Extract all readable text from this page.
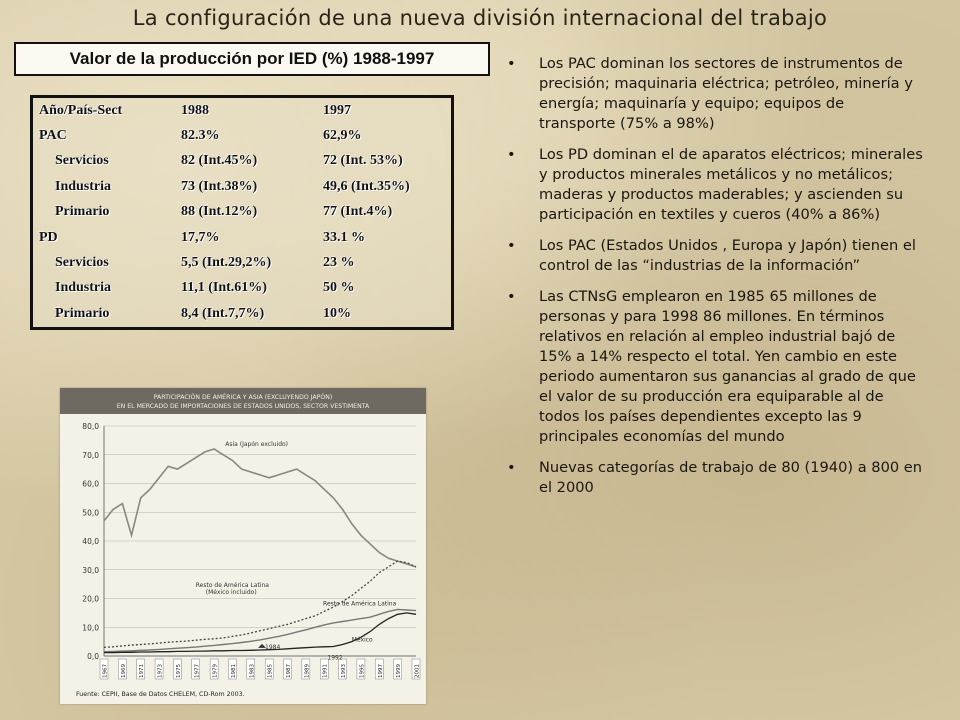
La configuración de una nueva división internacional del trabajo
Valor de la producción por IED (%) 1988-1997
Año/País-Sect	1988	1997
PAC	82.3%	62,9%
Servicios	82 (Int.45%)	72 (Int. 53%)
Industria	73 (Int.38%)	49,6 (Int.35%)
Primario	88 (Int.12%)	77 (Int.4%)
PD	17,7%	33.1 %
Servicios	5,5 (Int.29,2%)	23 %
Industria	11,1 (Int.61%)	50 %
Primario	8,4 (Int.7,7%)	10%
PARTICIPACIÓN DE AMÉRICA Y ASIA (EXCLUYENDO JAPÓN)
EN EL MERCADO DE IMPORTACIONES DE ESTADOS UNIDOS, SECTOR VESTIMENTA
0,0
10,0
20,0
30,0
40,0
50,0
60,0
70,0
80,0
1967 1969 1971 1973 1975 1977 1979 1981 1983 1985 1987 1989 1991 1993 1995 1997 1999 2001
Asia (Japón excluido)
Resto de América Latina
(México incluido)
Resto de América Latina
México
1984
1992
Fuente: CEPII, Base de Datos CHELEM, CD-Rom 2003.
• Los PAC dominan los sectores de instrumentos de precisión; maquinaria eléctrica; petróleo, minería y energía; maquinaría y equipo; equipos de transporte (75% a 98%)
• Los PD dominan el de aparatos eléctricos; minerales y productos minerales metálicos y no metálicos; maderas y productos maderables; y ascienden su participación en textiles y cueros (40% a 86%)
• Los PAC (Estados Unidos , Europa y Japón) tienen el control de las “industrias de la información”
• Las CTNsG emplearon en 1985 65 millones de personas y para 1998 86 millones. En términos relativos en relación al empleo industrial bajó de 15% a 14% respecto el total. Yen cambio en este periodo aumentaron sus ganancias al grado de que el valor de su producción era equiparable al de todos los países dependientes excepto las 9 principales economías del mundo
• Nuevas categorías de trabajo de 80 (1940) a 800 en el 2000
